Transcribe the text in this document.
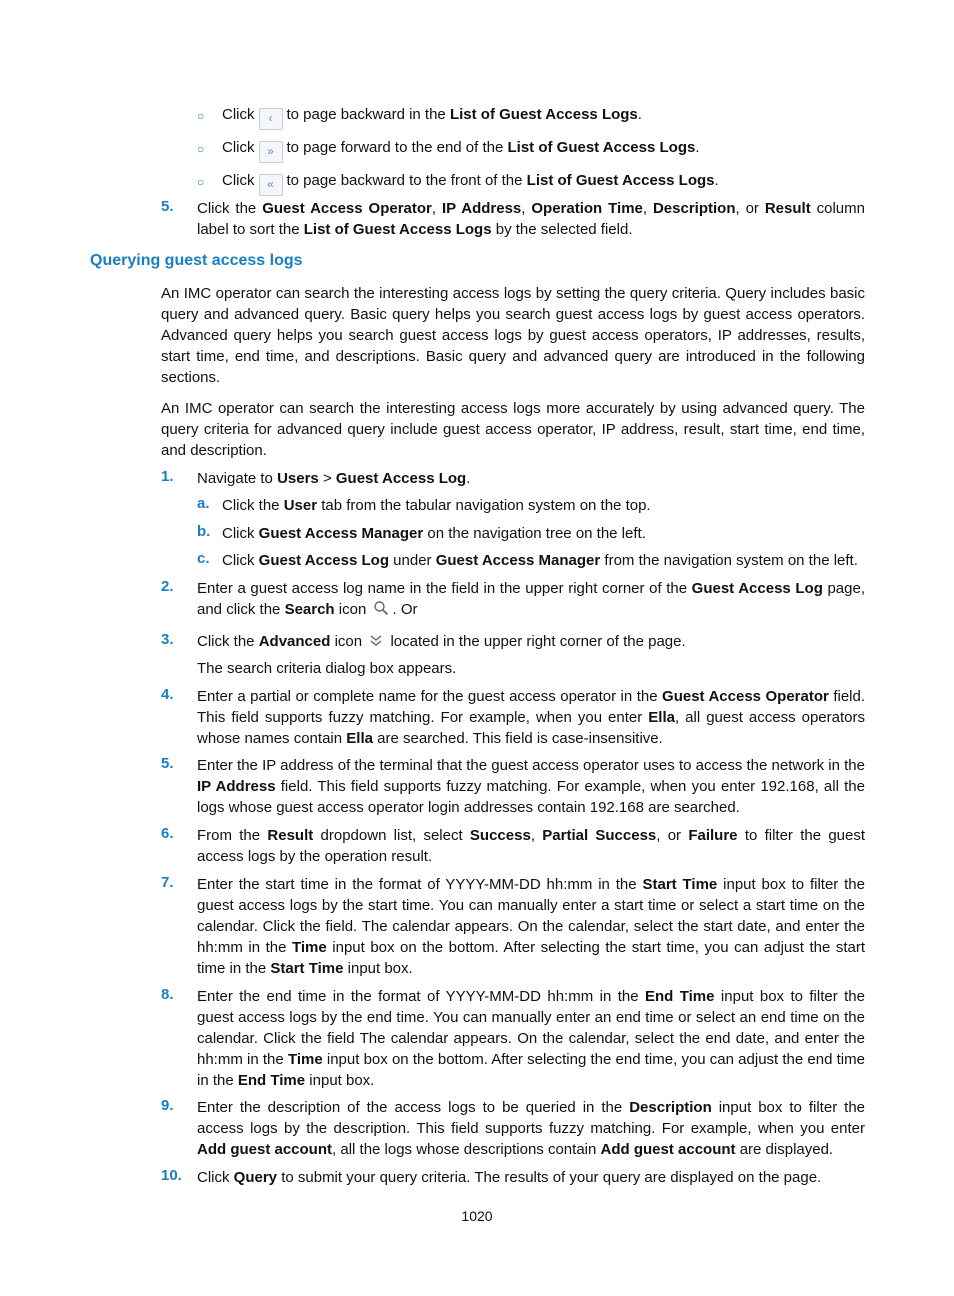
○ Click ‹ to page backward in the List of Guest Access Logs.
○ Click » to page forward to the end of the List of Guest Access Logs.
○ Click « to page backward to the front of the List of Guest Access Logs.
5.	Click the Guest Access Operator, IP Address, Operation Time, Description, or Result column label to sort the List of Guest Access Logs by the selected field.
Querying guest access logs
An IMC operator can search the interesting access logs by setting the query criteria. Query includes basic query and advanced query. Basic query helps you search guest access logs by guest access operators. Advanced query helps you search guest access logs by guest access operators, IP addresses, results, start time, end time, and descriptions. Basic query and advanced query are introduced in the following sections.
An IMC operator can search the interesting access logs more accurately by using advanced query. The query criteria for advanced query include guest access operator, IP address, result, start time, end time, and description.
1.	Navigate to Users > Guest Access Log.
a. Click the User tab from the tabular navigation system on the top.
b. Click Guest Access Manager on the navigation tree on the left.
c. Click Guest Access Log under Guest Access Manager from the navigation system on the left.
2.	Enter a guest access log name in the field in the upper right corner of the Guest Access Log page, and click the Search icon . Or
3.	Click the Advanced icon located in the upper right corner of the page.
The search criteria dialog box appears.
4.	Enter a partial or complete name for the guest access operator in the Guest Access Operator field. This field supports fuzzy matching. For example, when you enter Ella, all guest access operators whose names contain Ella are searched. This field is case-insensitive.
5.	Enter the IP address of the terminal that the guest access operator uses to access the network in the IP Address field. This field supports fuzzy matching. For example, when you enter 192.168, all the logs whose guest access operator login addresses contain 192.168 are searched.
6.	From the Result dropdown list, select Success, Partial Success, or Failure to filter the guest access logs by the operation result.
7.	Enter the start time in the format of YYYY-MM-DD hh:mm in the Start Time input box to filter the guest access logs by the start time. You can manually enter a start time or select a start time on the calendar. Click the field. The calendar appears. On the calendar, select the start date, and enter the hh:mm in the Time input box on the bottom. After selecting the start time, you can adjust the start time in the Start Time input box.
8.	Enter the end time in the format of YYYY-MM-DD hh:mm in the End Time input box to filter the guest access logs by the end time. You can manually enter an end time or select an end time on the calendar. Click the field The calendar appears. On the calendar, select the end date, and enter the hh:mm in the Time input box on the bottom. After selecting the end time, you can adjust the end time in the End Time input box.
9.	Enter the description of the access logs to be queried in the Description input box to filter the access logs by the description. This field supports fuzzy matching. For example, when you enter Add guest account, all the logs whose descriptions contain Add guest account are displayed.
10.	Click Query to submit your query criteria. The results of your query are displayed on the page.
1020
